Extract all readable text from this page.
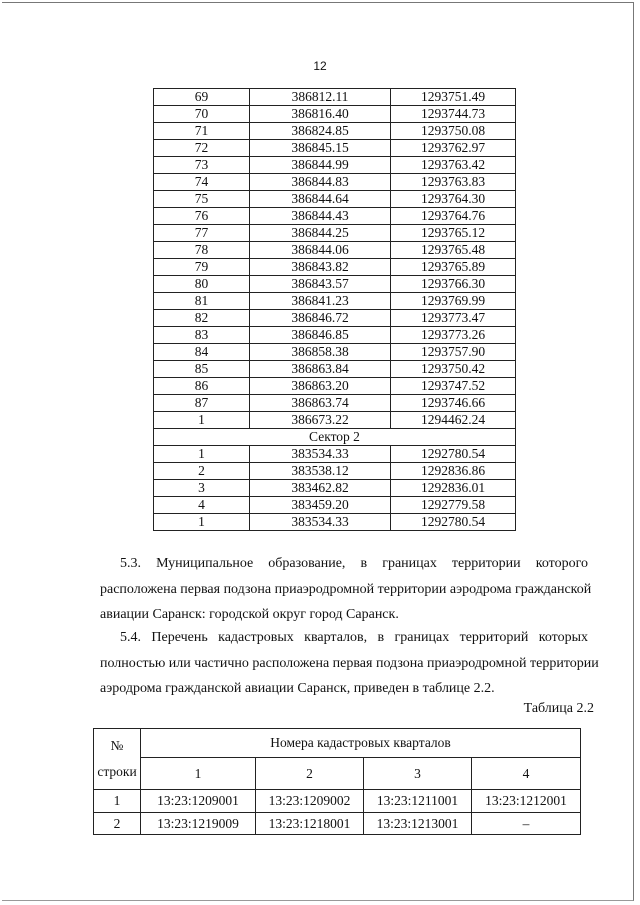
12
69	386812.11	1293751.49
70	386816.40	1293744.73
71	386824.85	1293750.08
72	386845.15	1293762.97
73	386844.99	1293763.42
74	386844.83	1293763.83
75	386844.64	1293764.30
76	386844.43	1293764.76
77	386844.25	1293765.12
78	386844.06	1293765.48
79	386843.82	1293765.89
80	386843.57	1293766.30
81	386841.23	1293769.99
82	386846.72	1293773.47
83	386846.85	1293773.26
84	386858.38	1293757.90
85	386863.84	1293750.42
86	386863.20	1293747.52
87	386863.74	1293746.66
1	386673.22	1294462.24
Сектор 2		
1	383534.33	1292780.54
2	383538.12	1292836.86
3	383462.82	1292836.01
4	383459.20	1292779.58
1	383534.33	1292780.54
5.3. Муниципальное образование, в границах территории которого
расположена первая подзона приаэродромной территории аэродрома гражданской
авиации Саранск: городской округ город Саранск.
5.4. Перечень кадастровых кварталов, в границах территорий которых
полностью или частично расположена первая подзона приаэродромной территории
аэродрома гражданской авиации Саранск, приведен в таблице 2.2.
Таблица 2.2
№
строки	Номера кадастровых кварталов			
	1	2	3	4
1	13:23:1209001	13:23:1209002	13:23:1211001	13:23:1212001
2	13:23:1219009	13:23:1218001	13:23:1213001	–
